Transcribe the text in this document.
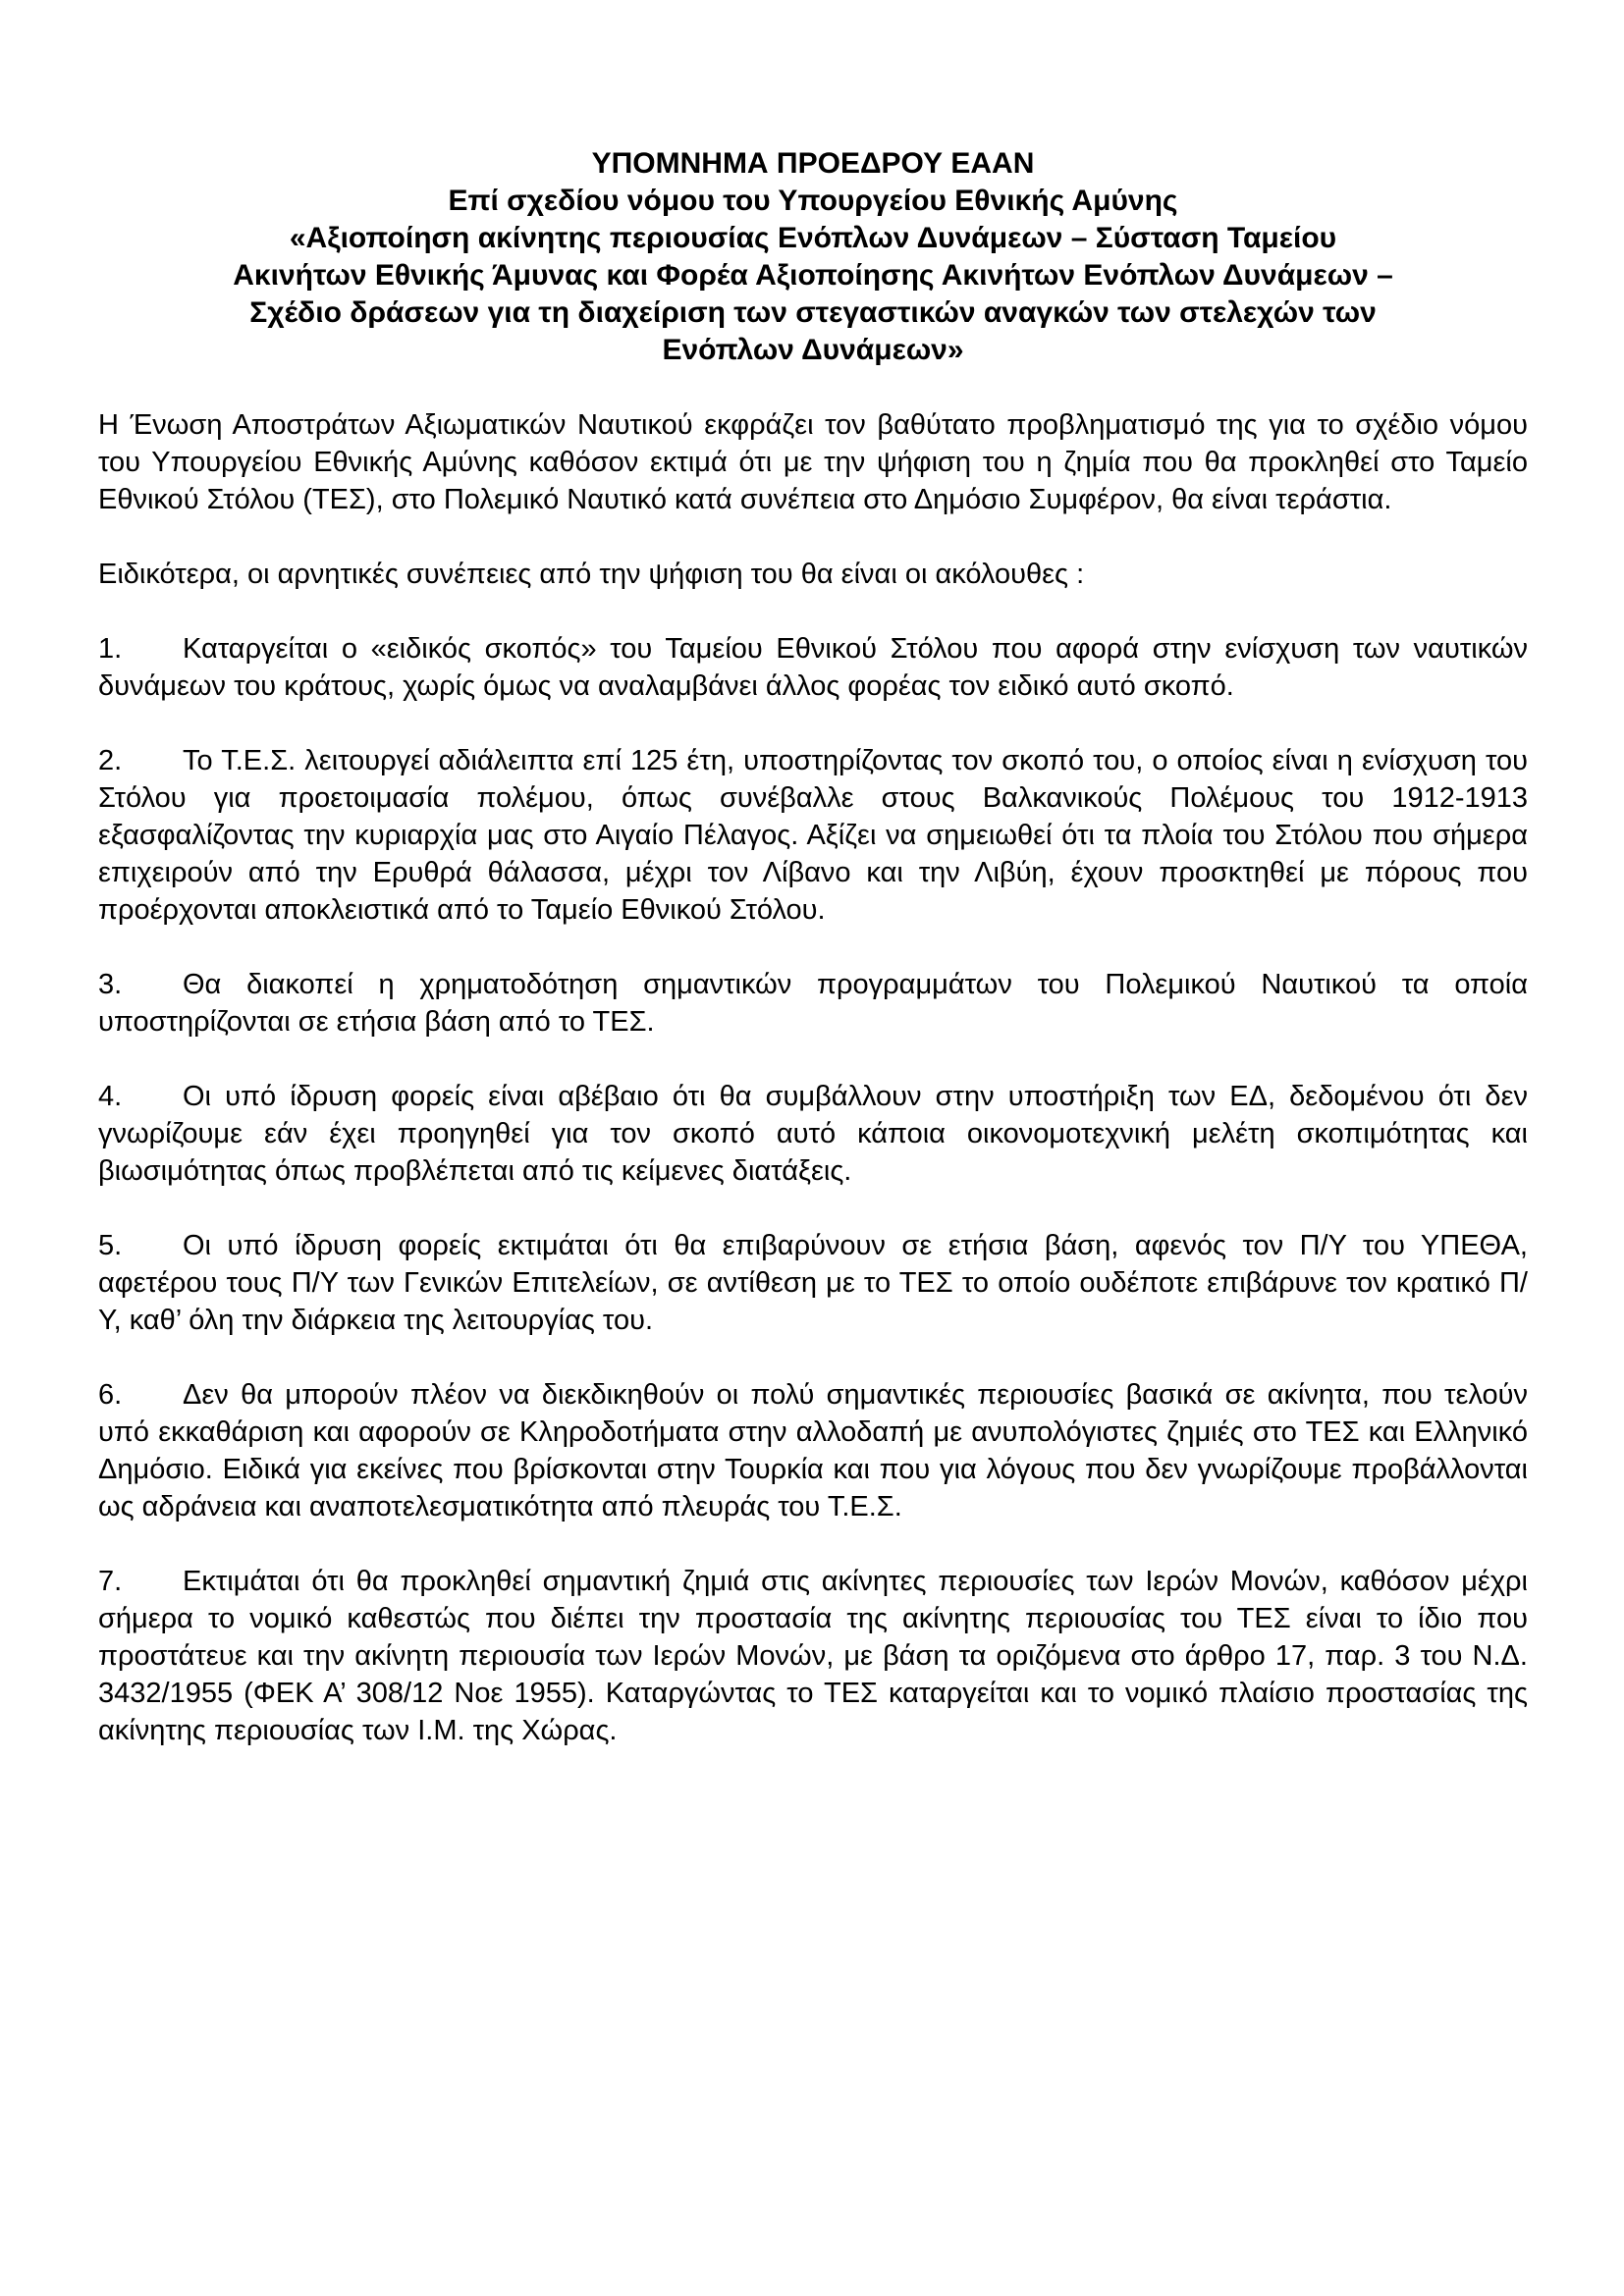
ΥΠΟΜΝΗΜΑ ΠΡΟΕΔΡΟΥ ΕΑΑΝ
Επί σχεδίου νόμου του Υπουργείου Εθνικής Αμύνης
«Αξιοποίηση ακίνητης περιουσίας Ενόπλων Δυνάμεων – Σύσταση Ταμείου
Ακινήτων Εθνικής Άμυνας και Φορέα Αξιοποίησης Ακινήτων Ενόπλων Δυνάμεων –
Σχέδιο δράσεων για τη διαχείριση των στεγαστικών αναγκών των στελεχών των
Ενόπλων Δυνάμεων»

Η Ένωση Αποστράτων Αξιωματικών Ναυτικού εκφράζει τον βαθύτατο προβληματισμό της για το σχέδιο νόμου του Υπουργείου Εθνικής Αμύνης καθόσον εκτιμά ότι με την ψήφιση του η ζημία που θα προκληθεί στο Ταμείο Εθνικού Στόλου (ΤΕΣ), στο Πολεμικό Ναυτικό κατά συνέπεια στο Δημόσιο Συμφέρον, θα είναι τεράστια.

Ειδικότερα, οι αρνητικές συνέπειες από την ψήφιση του θα είναι οι ακόλουθες :

1. Καταργείται ο «ειδικός σκοπός» του Ταμείου Εθνικού Στόλου που αφορά στην ενίσχυση των ναυτικών δυνάμεων του κράτους, χωρίς όμως να αναλαμβάνει άλλος φορέας τον ειδικό αυτό σκοπό.

2. Το Τ.Ε.Σ. λειτουργεί αδιάλειπτα επί 125 έτη, υποστηρίζοντας τον σκοπό του, ο οποίος είναι η ενίσχυση του Στόλου για προετοιμασία πολέμου, όπως συνέβαλλε στους Βαλκανικούς Πολέμους του 1912-1913 εξασφαλίζοντας την κυριαρχία μας στο Αιγαίο Πέλαγος. Αξίζει να σημειωθεί ότι τα πλοία του Στόλου που σήμερα επιχειρούν από την Ερυθρά θάλασσα, μέχρι τον Λίβανο και την Λιβύη, έχουν προσκτηθεί με πόρους που προέρχονται αποκλειστικά από το Ταμείο Εθνικού Στόλου.

3. Θα διακοπεί η χρηματοδότηση σημαντικών προγραμμάτων του Πολεμικού Ναυτικού τα οποία υποστηρίζονται σε ετήσια βάση από το ΤΕΣ.

4. Οι υπό ίδρυση φορείς είναι αβέβαιο ότι θα συμβάλλουν στην υποστήριξη των ΕΔ, δεδομένου ότι δεν γνωρίζουμε εάν έχει προηγηθεί για τον σκοπό αυτό κάποια οικονομοτεχνική μελέτη σκοπιμότητας και βιωσιμότητας όπως προβλέπεται από τις κείμενες διατάξεις.

5. Οι υπό ίδρυση φορείς εκτιμάται ότι θα επιβαρύνουν σε ετήσια βάση, αφενός τον Π/Υ του ΥΠΕΘΑ, αφετέρου τους Π/Υ των Γενικών Επιτελείων, σε αντίθεση με το ΤΕΣ το οποίο ουδέποτε επιβάρυνε τον κρατικό Π/Υ, καθ’ όλη την διάρκεια της λειτουργίας του.

6. Δεν θα μπορούν πλέον να διεκδικηθούν οι πολύ σημαντικές περιουσίες βασικά σε ακίνητα, που τελούν υπό εκκαθάριση και αφορούν σε Κληροδοτήματα στην αλλοδαπή με ανυπολόγιστες ζημιές στο ΤΕΣ και Ελληνικό Δημόσιο. Ειδικά για εκείνες που βρίσκονται στην Τουρκία και που για λόγους που δεν γνωρίζουμε προβάλλονται ως αδράνεια και αναποτελεσματικότητα από πλευράς του Τ.Ε.Σ.

7. Εκτιμάται ότι θα προκληθεί σημαντική ζημιά στις ακίνητες περιουσίες των Ιερών Μονών, καθόσον μέχρι σήμερα το νομικό καθεστώς που διέπει την προστασία της ακίνητης περιουσίας του ΤΕΣ είναι το ίδιο που προστάτευε και την ακίνητη περιουσία των Ιερών Μονών, με βάση τα οριζόμενα στο άρθρο 17, παρ. 3 του Ν.Δ. 3432/1955 (ΦΕΚ Α’ 308/12 Νοε 1955). Καταργώντας το ΤΕΣ καταργείται και το νομικό πλαίσιο προστασίας της ακίνητης περιουσίας των Ι.Μ. της Χώρας.
